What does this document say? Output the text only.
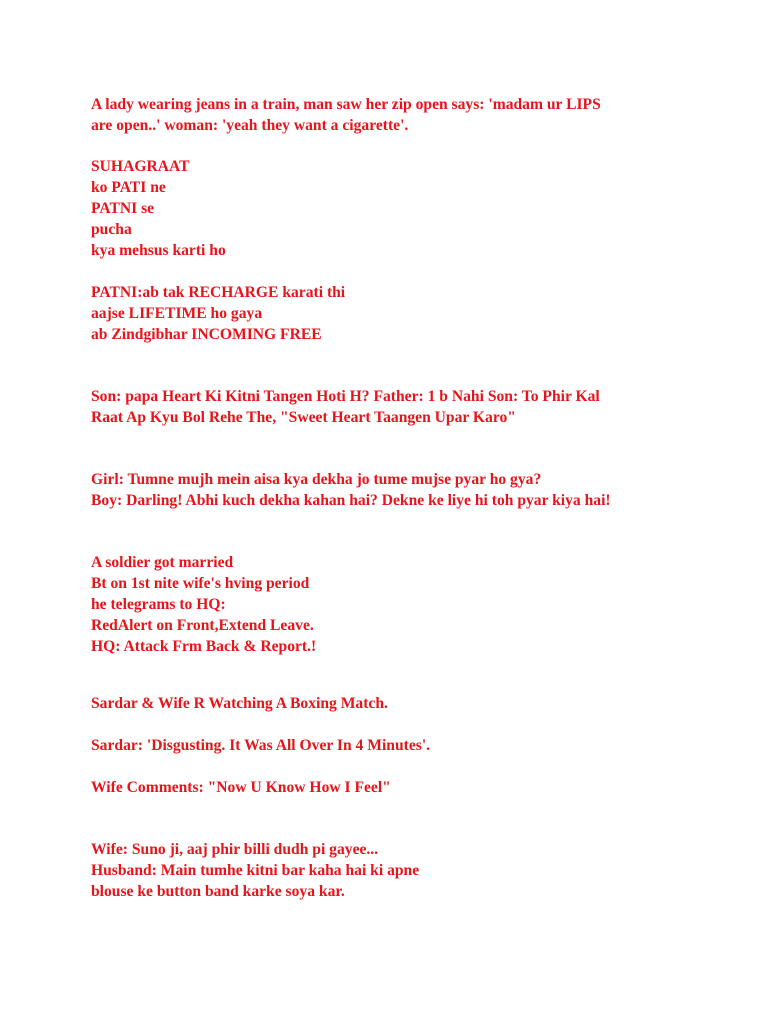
A lady wearing jeans in a train, man saw her zip open says: 'madam ur LIPS

are open..' woman: 'yeah they want a cigarette'.

SUHAGRAAT

ko PATI ne

PATNI se

pucha

kya mehsus karti ho

PATNI:ab tak RECHARGE karati thi

aajse LIFETIME ho gaya

ab Zindgibhar INCOMING FREE

Son: papa Heart Ki Kitni Tangen Hoti H? Father: 1 b Nahi Son: To Phir Kal

Raat Ap Kyu Bol Rehe The, "Sweet Heart Taangen Upar Karo"

Girl: Tumne mujh mein aisa kya dekha jo tume mujse pyar ho gya?

Boy: Darling! Abhi kuch dekha kahan hai? Dekne ke liye hi toh pyar kiya hai!

A soldier got married

Bt on 1st nite wife's hving period

he telegrams to HQ:

RedAlert on Front,Extend Leave.

HQ: Attack Frm Back & Report.!

Sardar & Wife R Watching A Boxing Match.

Sardar: 'Disgusting. It Was All Over In 4 Minutes'.

Wife Comments: "Now U Know How I Feel"

Wife: Suno ji, aaj phir billi dudh pi gayee...

Husband: Main tumhe kitni bar kaha hai ki apne

blouse ke button band karke soya kar.
